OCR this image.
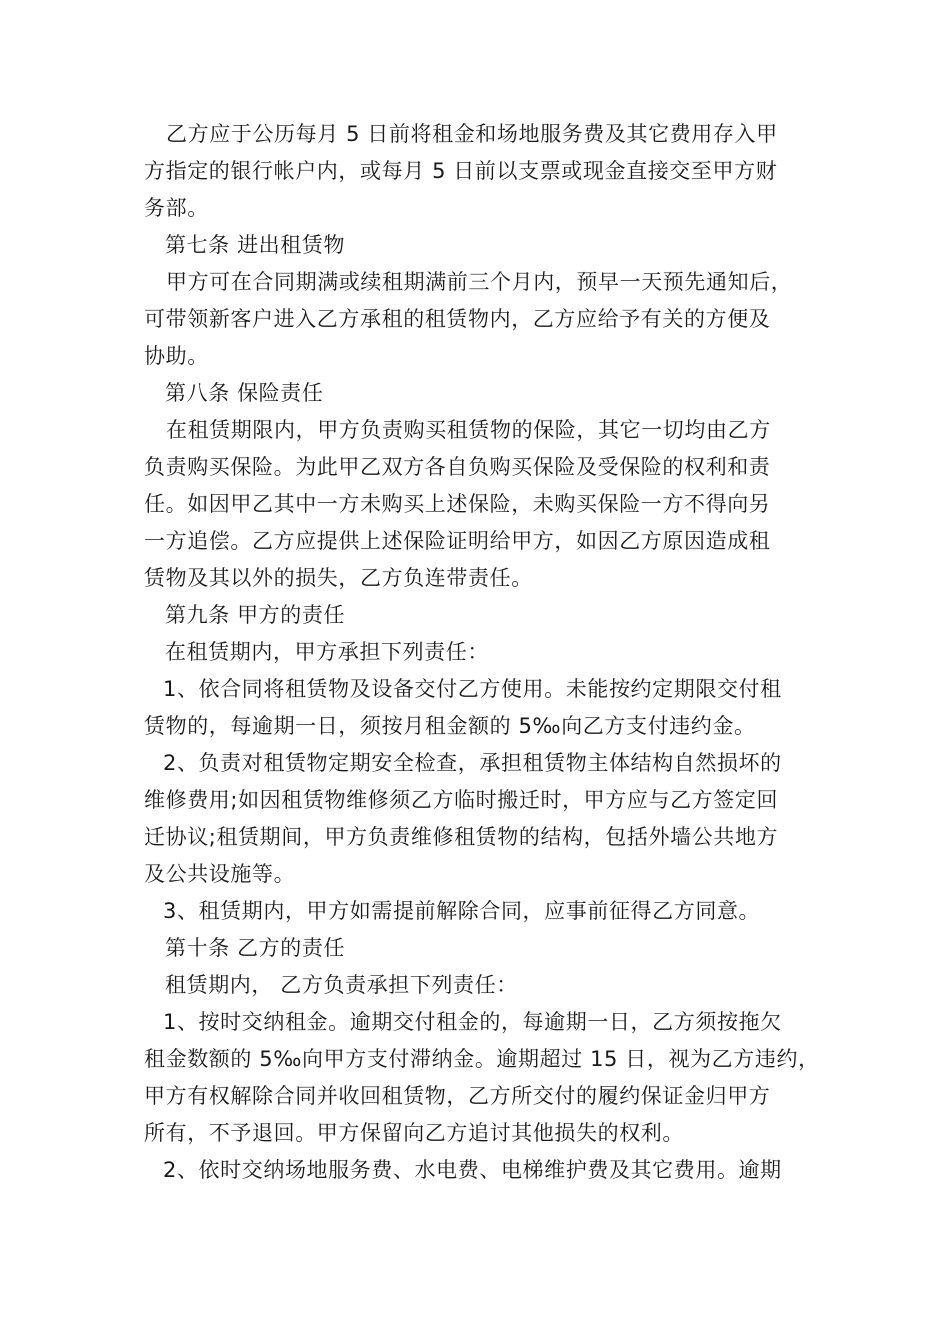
乙方应于公历每月 5 日前将租金和场地服务费及其它费用存入甲
方指定的银行帐户内，或每月 5 日前以支票或现金直接交至甲方财
务部。
第七条 进出租赁物
甲方可在合同期满或续租期满前三个月内，预早一天预先通知后，
可带领新客户进入乙方承租的租赁物内，乙方应给予有关的方便及
协助。
第八条 保险责任
在租赁期限内，甲方负责购买租赁物的保险，其它一切均由乙方
负责购买保险。为此甲乙双方各自负购买保险及受保险的权利和责
任。如因甲乙其中一方未购买上述保险，未购买保险一方不得向另
一方追偿。乙方应提供上述保险证明给甲方，如因乙方原因造成租
赁物及其以外的损失，乙方负连带责任。
第九条 甲方的责任
在租赁期内，甲方承担下列责任：
1、依合同将租赁物及设备交付乙方使用。未能按约定期限交付租
赁物的，每逾期一日，须按月租金额的 5‰向乙方支付违约金。
2、负责对租赁物定期安全检查，承担租赁物主体结构自然损坏的
维修费用;如因租赁物维修须乙方临时搬迁时，甲方应与乙方签定回
迁协议;租赁期间，甲方负责维修租赁物的结构，包括外墙公共地方
及公共设施等。
3、租赁期内，甲方如需提前解除合同，应事前征得乙方同意。
第十条 乙方的责任
租赁期内， 乙方负责承担下列责任：
1、按时交纳租金。逾期交付租金的，每逾期一日，乙方须按拖欠
租金数额的 5‰向甲方支付滞纳金。逾期超过 15 日，视为乙方违约，
甲方有权解除合同并收回租赁物，乙方所交付的履约保证金归甲方
所有，不予退回。甲方保留向乙方追讨其他损失的权利。
2、依时交纳场地服务费、水电费、电梯维护费及其它费用。逾期
